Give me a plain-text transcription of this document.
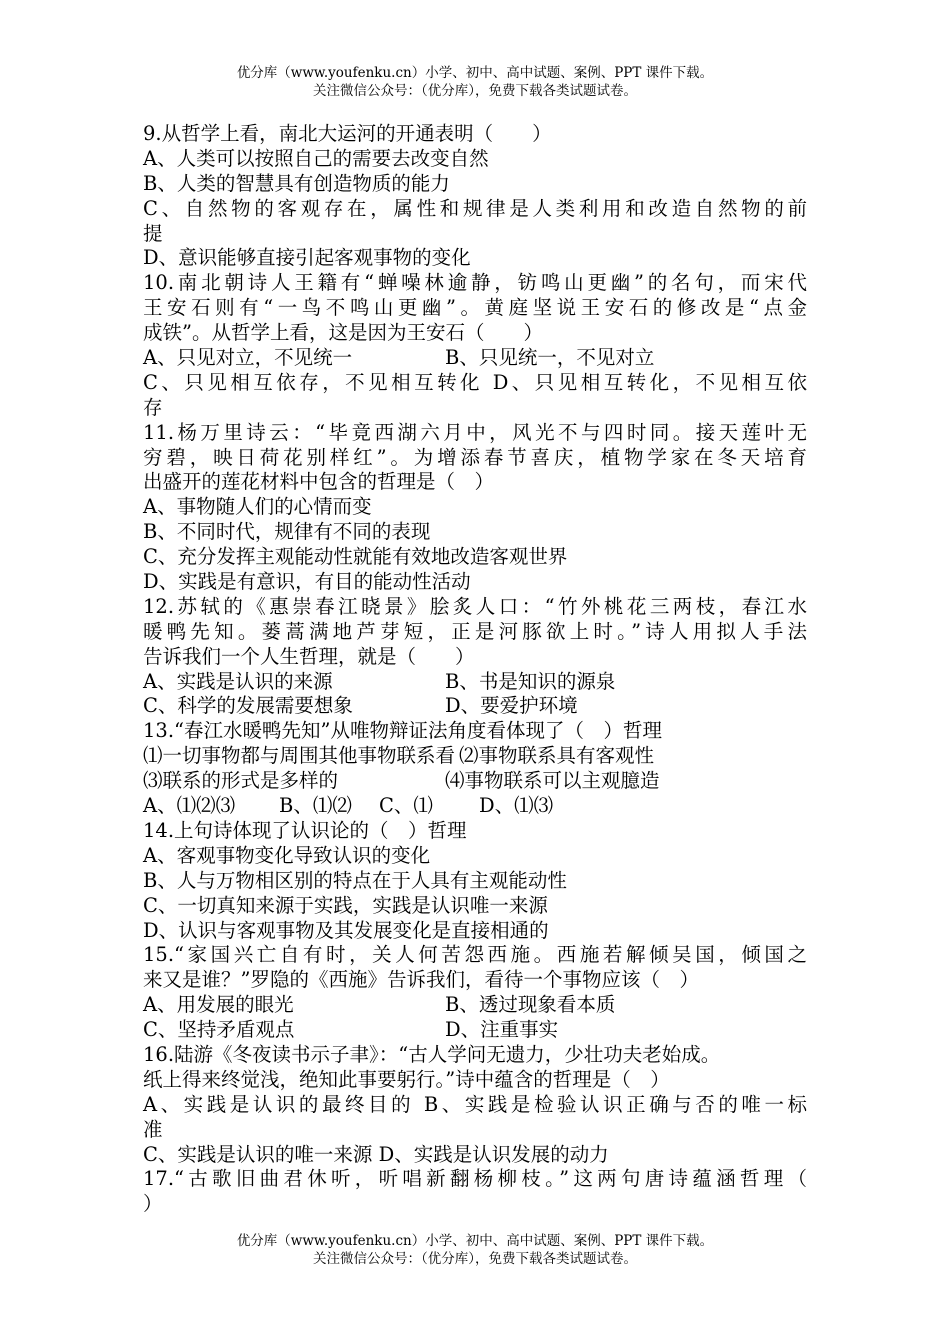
优分库（www.youfenku.cn）小学、初中、高中试题、案例、PPT 课件下载。
关注微信公众号：（优分库），免费下载各类试题试卷。
9.从哲学上看，南北大运河的开通表明（　　）
A、人类可以按照自己的需要去改变自然
B、人类的智慧具有创造物质的能力
C、自然物的客观存在，属性和规律是人类利用和改造自然物的前
提
D、意识能够直接引起客观事物的变化
10.南北朝诗人王籍有“蝉噪林逾静，钫鸣山更幽”的名句，而宋代
王安石则有“一鸟不鸣山更幽”。黄庭坚说王安石的修改是“点金
成铁”。从哲学上看，这是因为王安石（　　）
A、只见对立，不见统一	B、只见统一，不见对立
C、只见相互依存，不见相互转化 D、只见相互转化，不见相互依
存
11.杨万里诗云：“毕竟西湖六月中，风光不与四时同。接天莲叶无
穷碧，映日荷花别样红”。为增添春节喜庆，植物学家在冬天培育
出盛开的莲花材料中包含的哲理是（　）
A、事物随人们的心情而变
B、不同时代，规律有不同的表现
C、充分发挥主观能动性就能有效地改造客观世界
D、实践是有意识，有目的能动性活动
12.苏轼的《惠崇春江晓景》脍炙人口：“竹外桃花三两枝，春江水
暖鸭先知。蒌蒿满地芦芽短，正是河豚欲上时。”诗人用拟人手法
告诉我们一个人生哲理，就是（　　）
A、实践是认识的来源	B、书是知识的源泉
C、科学的发展需要想象	D、要爱护环境
13.“春江水暖鸭先知”从唯物辩证法角度看体现了（　）哲理
⑴一切事物都与周围其他事物联系看 ⑵事物联系具有客观性
⑶联系的形式是多样的	⑷事物联系可以主观臆造
A、⑴⑵⑶	B、⑴⑵	C、⑴	D、⑴⑶
14.上句诗体现了认识论的（　）哲理
A、客观事物变化导致认识的变化
B、人与万物相区别的特点在于人具有主观能动性
C、一切真知来源于实践，实践是认识唯一来源
D、认识与客观事物及其发展变化是直接相通的
15.“家国兴亡自有时，关人何苦怨西施。西施若解倾吴国，倾国之
来又是谁？”罗隐的《西施》告诉我们，看待一个事物应该（　）
A、用发展的眼光	B、透过现象看本质
C、坚持矛盾观点	D、注重事实
16.陆游《冬夜读书示子聿》：“古人学问无遗力，少壮功夫老始成。
纸上得来终觉浅，绝知此事要躬行。”诗中蕴含的哲理是（　）
A、实践是认识的最终目的 B、实践是检验认识正确与否的唯一标
准
C、实践是认识的唯一来源 D、实践是认识发展的动力
17.“古歌旧曲君休听，听唱新翻杨柳枝。”这两句唐诗蕴涵哲理（
）
优分库（www.youfenku.cn）小学、初中、高中试题、案例、PPT 课件下载。
关注微信公众号：（优分库），免费下载各类试题试卷。
